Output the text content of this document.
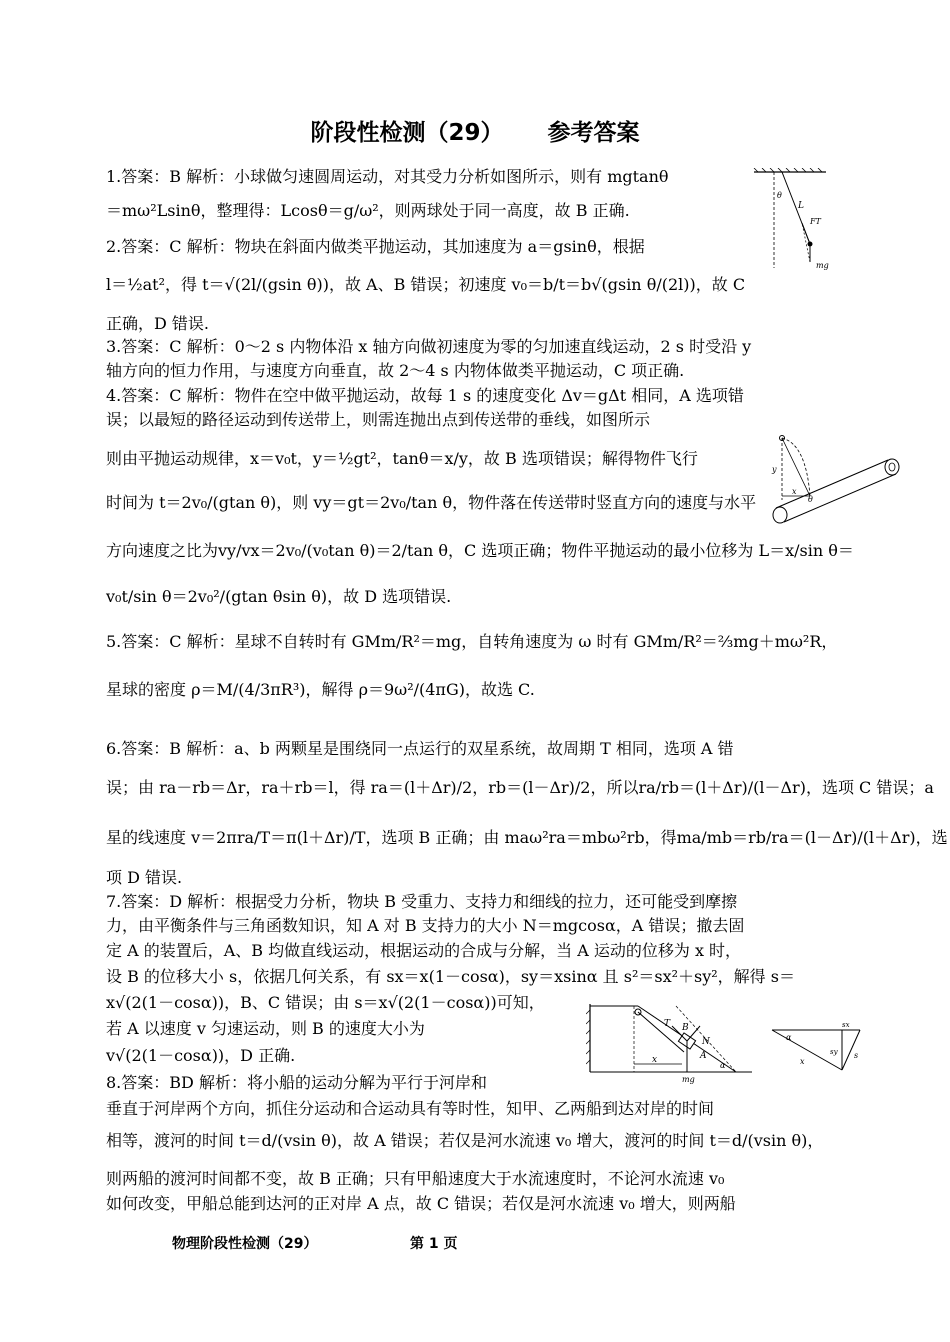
阶段性检测（29） 参考答案
1.答案：B 解析：小球做匀速圆周运动，对其受力分析如图所示，则有 mgtanθ
＝mω²Lsinθ，整理得：Lcosθ＝g/ω²，则两球处于同一高度，故 B 正确.
2.答案：C 解析：物块在斜面内做类平抛运动，其加速度为 a＝gsinθ，根据
l＝½at²，得 t＝√(2l/(gsin θ))，故 A、B 错误；初速度 v₀＝b/t＝b√(gsin θ/(2l))，故 C
正确，D 错误.
3.答案：C 解析：0～2 s 内物体沿 x 轴方向做初速度为零的匀加速直线运动，2 s 时受沿 y
轴方向的恒力作用，与速度方向垂直，故 2～4 s 内物体做类平抛运动，C 项正确.
4.答案：C 解析：物件在空中做平抛运动，故每 1 s 的速度变化 Δv＝gΔt 相同，A 选项错
误；以最短的路径运动到传送带上，则需连抛出点到传送带的垂线，如图所示
则由平抛运动规律，x＝v₀t，y＝½gt²，tanθ＝x/y，故 B 选项错误；解得物件飞行
时间为 t＝2v₀/(gtan θ)，则 vy＝gt＝2v₀/tan θ，物件落在传送带时竖直方向的速度与水平
方向速度之比为vy/vx＝2v₀/(v₀tan θ)＝2/tan θ，C 选项正确；物件平抛运动的最小位移为 L＝x/sin θ＝
v₀t/sin θ＝2v₀²/(gtan θsin θ)，故 D 选项错误.
5.答案：C 解析：星球不自转时有 GMm/R²＝mg，自转角速度为 ω 时有 GMm/R²＝⅔mg＋mω²R，
星球的密度 ρ＝M/(4/3πR³)，解得 ρ＝9ω²/(4πG)，故选 C.
6.答案：B 解析：a、b 两颗星是围绕同一点运行的双星系统，故周期 T 相同，选项 A 错
误；由 ra－rb＝Δr，ra＋rb＝l，得 ra＝(l＋Δr)/2，rb＝(l－Δr)/2，所以ra/rb＝(l＋Δr)/(l－Δr)，选项 C 错误；a
星的线速度 v＝2πra/T＝π(l＋Δr)/T，选项 B 正确；由 maω²ra＝mbω²rb，得ma/mb＝rb/ra＝(l－Δr)/(l＋Δr)，选
项 D 错误.
7.答案：D 解析：根据受力分析，物块 B 受重力、支持力和细线的拉力，还可能受到摩擦
力，由平衡条件与三角函数知识，知 A 对 B 支持力的大小 N＝mgcosα，A 错误；撤去固
定 A 的装置后，A、B 均做直线运动，根据运动的合成与分解，当 A 运动的位移为 x 时，
设 B 的位移大小 s，依据几何关系，有 sx＝x(1－cosα)，sy＝xsinα 且 s²＝sx²＋sy²，解得 s＝
x√(2(1－cosα))，B、C 错误；由 s＝x√(2(1－cosα))可知，
若 A 以速度 v 匀速运动，则 B 的速度大小为
v√(2(1－cosα))，D 正确.
8.答案：BD 解析：将小船的运动分解为平行于河岸和
垂直于河岸两个方向，抓住分运动和合运动具有等时性，知甲、乙两船到达对岸的时间
相等，渡河的时间 t＝d/(vsin θ)，故 A 错误；若仅是河水流速 v₀ 增大，渡河的时间 t＝d/(vsin θ)，
则两船的渡河时间都不变，故 B 正确；只有甲船速度大于水流速度时，不论河水流速 v₀
如何改变，甲船总能到达河的正对岸 A 点，故 C 错误；若仅是河水流速 v₀ 增大，则两船
θ
L
FT
mg
y
x
θ
T B
N
A
α
x
mg
α
x
sx
sy s
物理阶段性检测（29）	第 1 页
